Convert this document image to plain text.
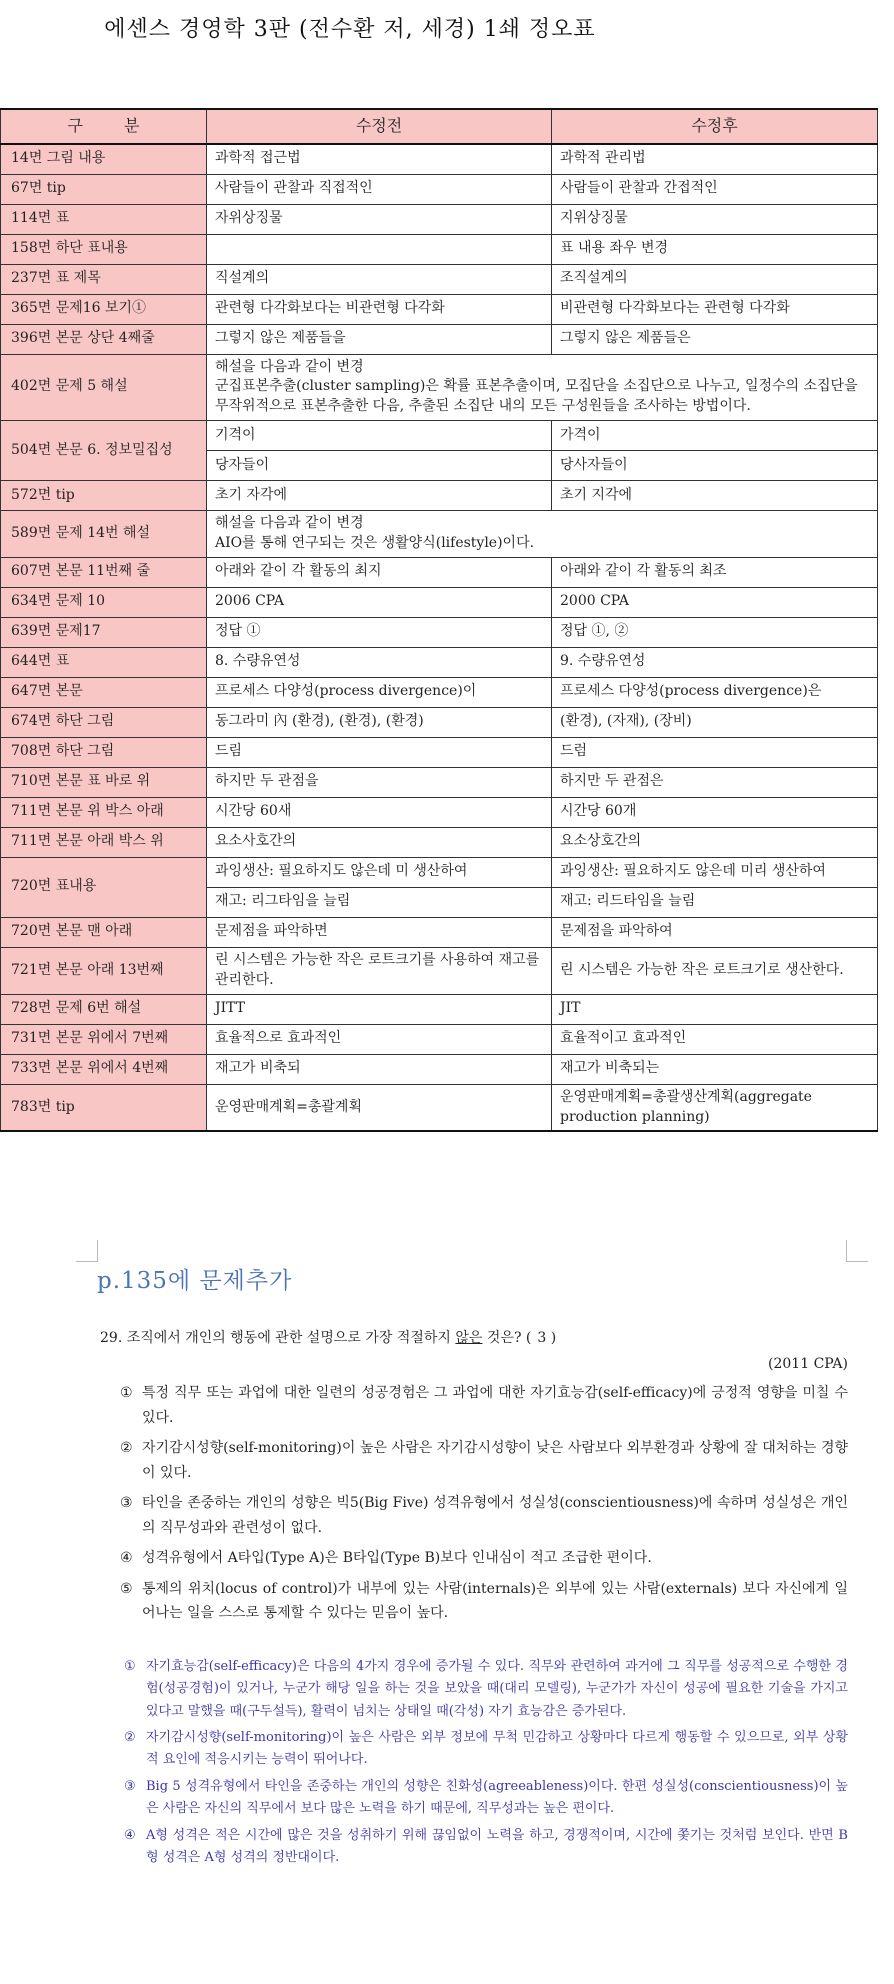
에센스 경영학 3판 (전수환 저, 세경) 1쇄 정오표
구 분	수정전	수정후
14면 그림 내용	과학적 접근법	과학적 관리법
67면 tip	사람들이 관찰과 직접적인	사람들이 관찰과 간접적인
114면 표	자위상징물	지위상징물
158면 하단 표내용		표 내용 좌우 변경
237면 표 제목	직설계의	조직설계의
365면 문제16 보기①	관련형 다각화보다는 비관련형 다각화	비관련형 다각화보다는 관련형 다각화
396면 본문 상단 4째줄	그렇지 않은 제품들을	그렇지 않은 제품들은
402면 문제 5 해설	해설을 다음과 같이 변경
군집표본추출(cluster sampling)은 확률 표본추출이며, 모집단을 소집단으로 나누고, 일정수의 소집단을 무작위적으로 표본추출한 다음, 추출된 소집단 내의 모든 구성원들을 조사하는 방법이다.	

504면 본문 6. 정보밀집성	기격이	가격이
	당자들이	당사자들이
572면 tip	초기 자각에	초기 지각에
589면 문제 14번 해설	해설을 다음과 같이 변경
AIO를 통해 연구되는 것은 생활양식(lifestyle)이다.	

607면 본문 11번째 줄	아래와 같이 각 활동의 최지	아래와 같이 각 활동의 최조
634면 문제 10	2006 CPA	2000 CPA
639면 문제17	정답 ①	정답 ①, ②
644면 표	8. 수량유연성	9. 수량유연성
647면 본문	프로세스 다양성(process divergence)이	프로세스 다양성(process divergence)은
674면 하단 그림	동그라미 內 (환경), (환경), (환경)	(환경), (자재), (장비)
708면 하단 그림	드림	드럼
710면 본문 표 바로 위	하지만 두 관점을	하지만 두 관점은
711면 본문 위 박스 아래	시간당 60새	시간당 60개
711면 본문 아래 박스 위	요소사호간의	요소상호간의
720면 표내용	과잉생산: 필요하지도 않은데 미 생산하여	과잉생산: 필요하지도 않은데 미리 생산하여
	재고: 리그타임을 늘림	재고: 리드타임을 늘림
720면 본문 맨 아래	문제점을 파악하면	문제점을 파악하여
721면 본문 아래 13번째	린 시스템은 가능한 작은 로트크기를 사용하여 재고를 관리한다.	린 시스템은 가능한 작은 로트크기로 생산한다.
728면 문제 6번 해설	JITT	JIT
731면 본문 위에서 7번째	효율적으로 효과적인	효율적이고 효과적인
733면 본문 위에서 4번째	재고가 비축되	재고가 비축되는
783면 tip	운영판매계획=총괄계획	운영판매계획=총괄생산계획(aggregate production planning)
p.135에 문제추가
29. 조직에서 개인의 행동에 관한 설명으로 가장 적절하지 않은 것은? ( 3 )
(2011 CPA)
① 특정 직무 또는 과업에 대한 일련의 성공경험은 그 과업에 대한 자기효능감(self-efficacy)에 긍정적 영향을 미칠 수 있다.
② 자기감시성향(self-monitoring)이 높은 사람은 자기감시성향이 낮은 사람보다 외부환경과 상황에 잘 대처하는 경향이 있다.
③ 타인을 존중하는 개인의 성향은 빅5(Big Five) 성격유형에서 성실성(conscientiousness)에 속하며 성실성은 개인의 직무성과와 관련성이 없다.
④ 성격유형에서 A타입(Type A)은 B타입(Type B)보다 인내심이 적고 조급한 편이다.
⑤ 통제의 위치(locus of control)가 내부에 있는 사람(internals)은 외부에 있는 사람(externals) 보다 자신에게 일어나는 일을 스스로 통제할 수 있다는 믿음이 높다.
① 자기효능감(self-efficacy)은 다음의 4가지 경우에 증가될 수 있다. 직무와 관련하여 과거에 그 직무를 성공적으로 수행한 경험(성공경험)이 있거나, 누군가 해당 일을 하는 것을 보았을 때(대리 모델링), 누군가가 자신이 성공에 필요한 기술을 가지고 있다고 말했을 때(구두설득), 활력이 넘치는 상태일 때(각성) 자기 효능감은 증가된다.
② 자기감시성향(self-monitoring)이 높은 사람은 외부 정보에 무척 민감하고 상황마다 다르게 행동할 수 있으므로, 외부 상황적 요인에 적응시키는 능력이 뛰어나다.
③ Big 5 성격유형에서 타인을 존중하는 개인의 성향은 친화성(agreeableness)이다. 한편 성실성(conscientiousness)이 높은 사람은 자신의 직무에서 보다 많은 노력을 하기 때문에, 직무성과는 높은 편이다.
④ A형 성격은 적은 시간에 많은 것을 성취하기 위해 끊임없이 노력을 하고, 경쟁적이며, 시간에 쫓기는 것처럼 보인다. 반면 B형 성격은 A형 성격의 정반대이다.
